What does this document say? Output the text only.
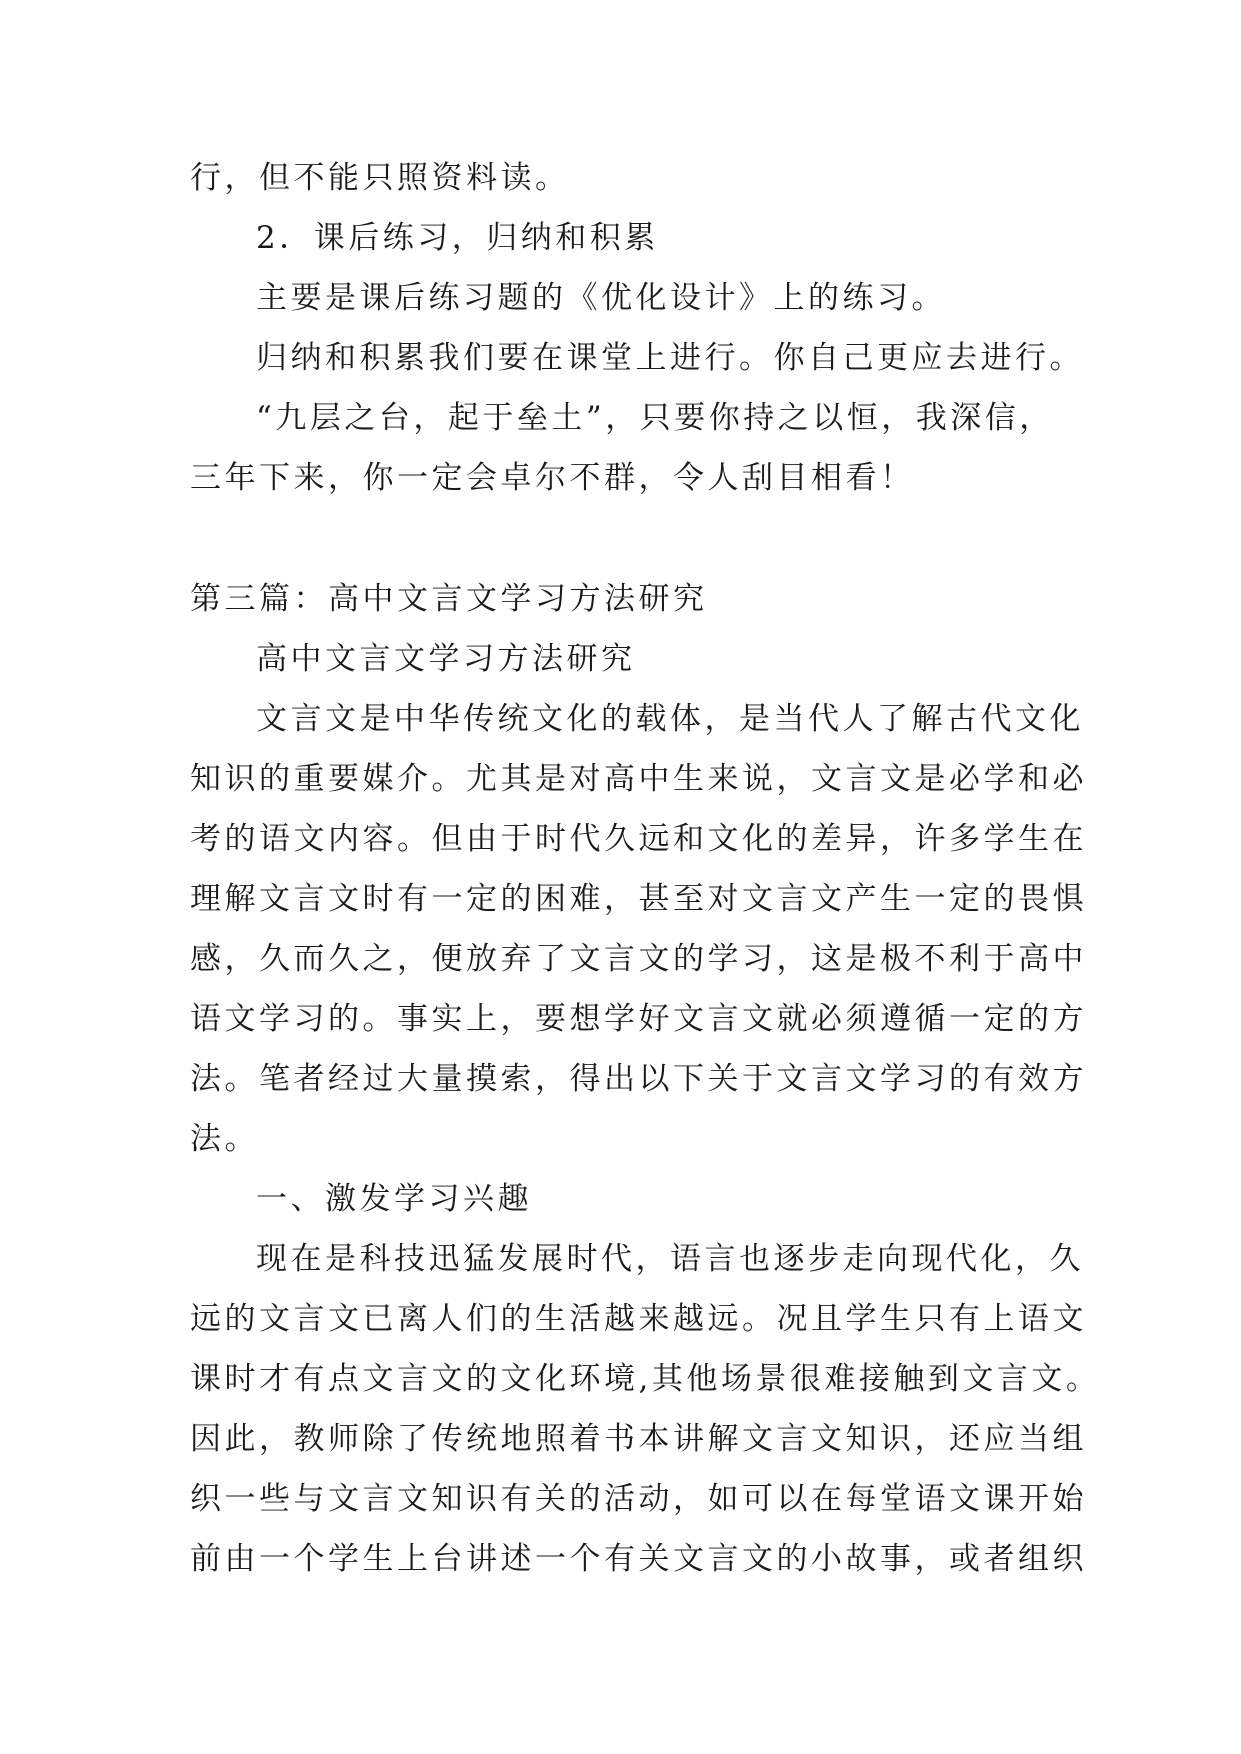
行，但不能只照资料读。
2．课后练习，归纳和积累
主要是课后练习题的《优化设计》上的练习。
归纳和积累我们要在课堂上进行。你自己更应去进行。
“九层之台，起于垒土”，只要你持之以恒，我深信，
三年下来，你一定会卓尔不群，令人刮目相看！
第三篇：高中文言文学习方法研究
高中文言文学习方法研究
文言文是中华传统文化的载体，是当代人了解古代文化
知识的重要媒介。尤其是对高中生来说，文言文是必学和必
考的语文内容。但由于时代久远和文化的差异，许多学生在
理解文言文时有一定的困难，甚至对文言文产生一定的畏惧
感，久而久之，便放弃了文言文的学习，这是极不利于高中
语文学习的。事实上，要想学好文言文就必须遵循一定的方
法。笔者经过大量摸索，得出以下关于文言文学习的有效方
法。
一、激发学习兴趣
现在是科技迅猛发展时代，语言也逐步走向现代化，久
远的文言文已离人们的生活越来越远。况且学生只有上语文
课时才有点文言文的文化环境,其他场景很难接触到文言文。
因此，教师除了传统地照着书本讲解文言文知识，还应当组
织一些与文言文知识有关的活动，如可以在每堂语文课开始
前由一个学生上台讲述一个有关文言文的小故事，或者组织
